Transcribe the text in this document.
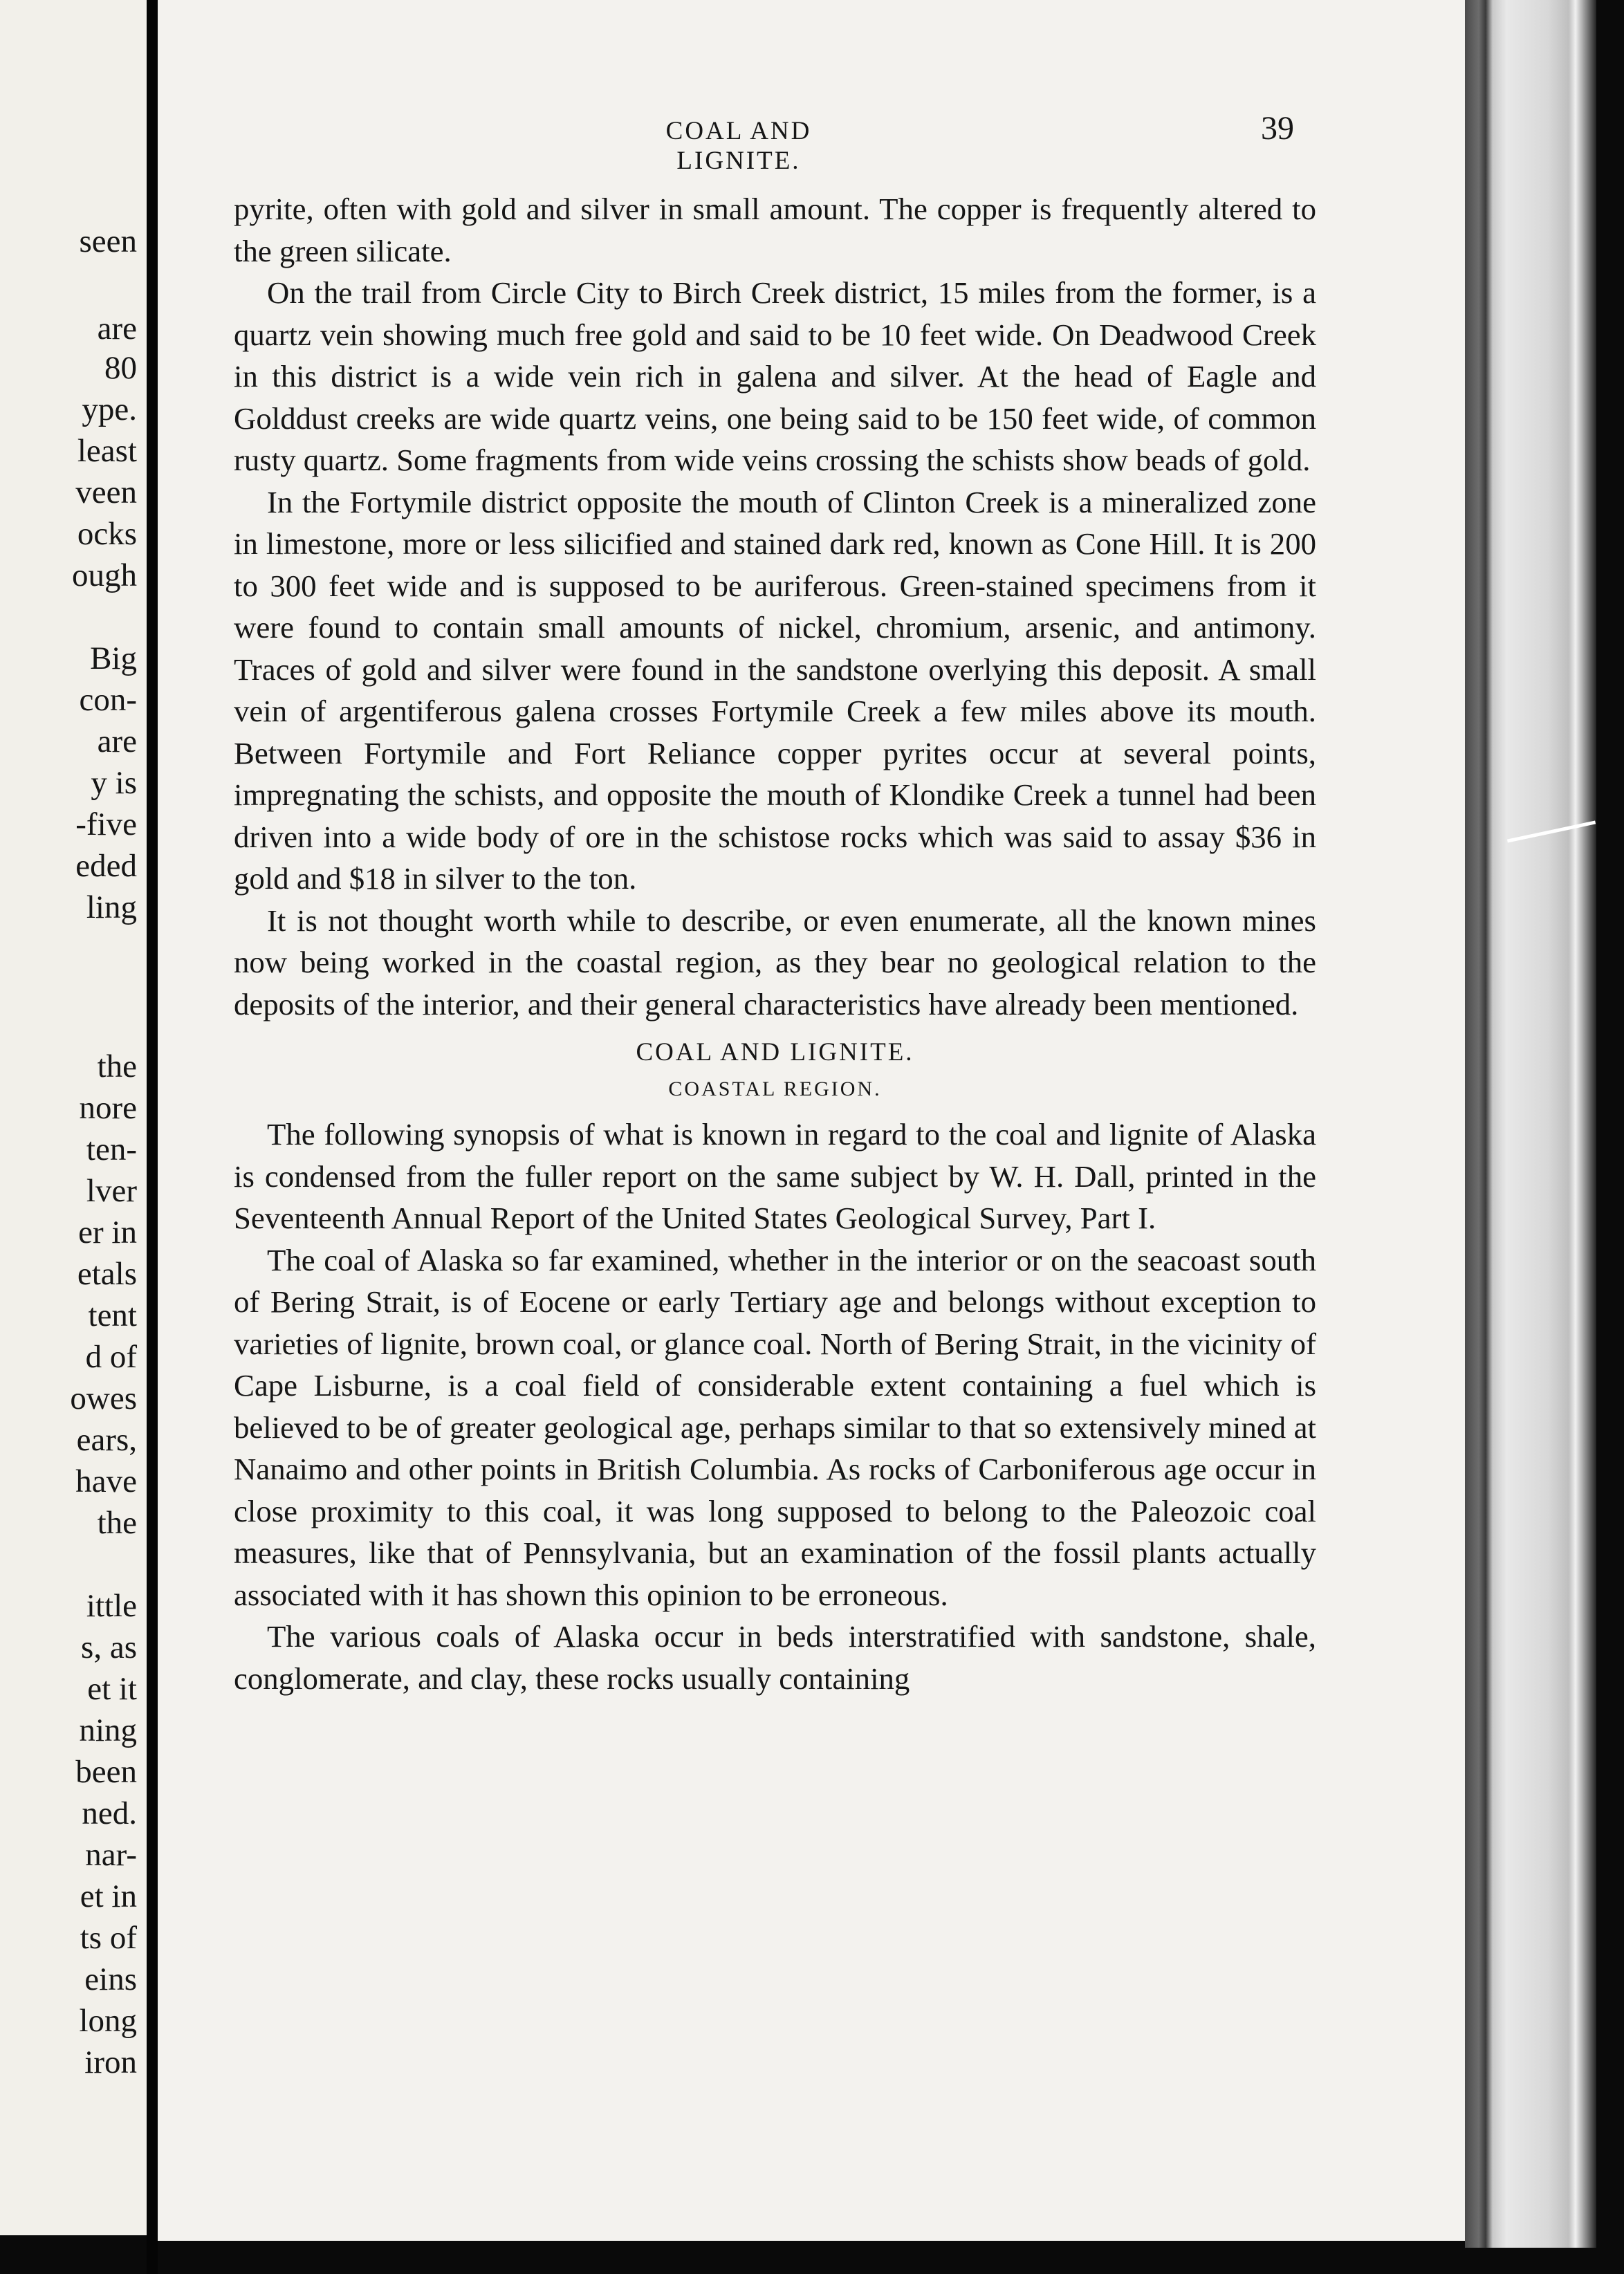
seen
are
80
ype.
least
veen
ocks
ough
Big
con-
are
y is
-five
eded
ling
the
nore
ten-
lver
er in
etals
tent
d of
owes
ears,
have
the
ittle
s, as
et it
ning
been
ned.
nar-
et in
ts of
eins
long
iron
COAL AND LIGNITE.
39

pyrite, often with gold and silver in small amount. The copper is frequently altered to the green silicate.

On the trail from Circle City to Birch Creek district, 15 miles from the former, is a quartz vein showing much free gold and said to be 10 feet wide. On Deadwood Creek in this district is a wide vein rich in galena and silver. At the head of Eagle and Golddust creeks are wide quartz veins, one being said to be 150 feet wide, of common rusty quartz. Some fragments from wide veins crossing the schists show beads of gold.

In the Fortymile district opposite the mouth of Clinton Creek is a mineralized zone in limestone, more or less silicified and stained dark red, known as Cone Hill. It is 200 to 300 feet wide and is supposed to be auriferous. Green-stained specimens from it were found to contain small amounts of nickel, chromium, arsenic, and antimony. Traces of gold and silver were found in the sandstone overlying this deposit. A small vein of argentiferous galena crosses Fortymile Creek a few miles above its mouth. Between Fortymile and Fort Reliance copper pyrites occur at several points, impregnating the schists, and opposite the mouth of Klondike Creek a tunnel had been driven into a wide body of ore in the schistose rocks which was said to assay $36 in gold and $18 in silver to the ton.

It is not thought worth while to describe, or even enumerate, all the known mines now being worked in the coastal region, as they bear no geological relation to the deposits of the interior, and their general characteristics have already been mentioned.

COAL AND LIGNITE.
COASTAL REGION.

The following synopsis of what is known in regard to the coal and lignite of Alaska is condensed from the fuller report on the same subject by W. H. Dall, printed in the Seventeenth Annual Report of the United States Geological Survey, Part I.

The coal of Alaska so far examined, whether in the interior or on the seacoast south of Bering Strait, is of Eocene or early Tertiary age and belongs without exception to varieties of lignite, brown coal, or glance coal. North of Bering Strait, in the vicinity of Cape Lisburne, is a coal field of considerable extent containing a fuel which is believed to be of greater geological age, perhaps similar to that so extensively mined at Nanaimo and other points in British Columbia. As rocks of Carboniferous age occur in close proximity to this coal, it was long supposed to belong to the Paleozoic coal measures, like that of Pennsylvania, but an examination of the fossil plants actually associated with it has shown this opinion to be erroneous.

The various coals of Alaska occur in beds interstratified with sandstone, shale, conglomerate, and clay, these rocks usually containing
